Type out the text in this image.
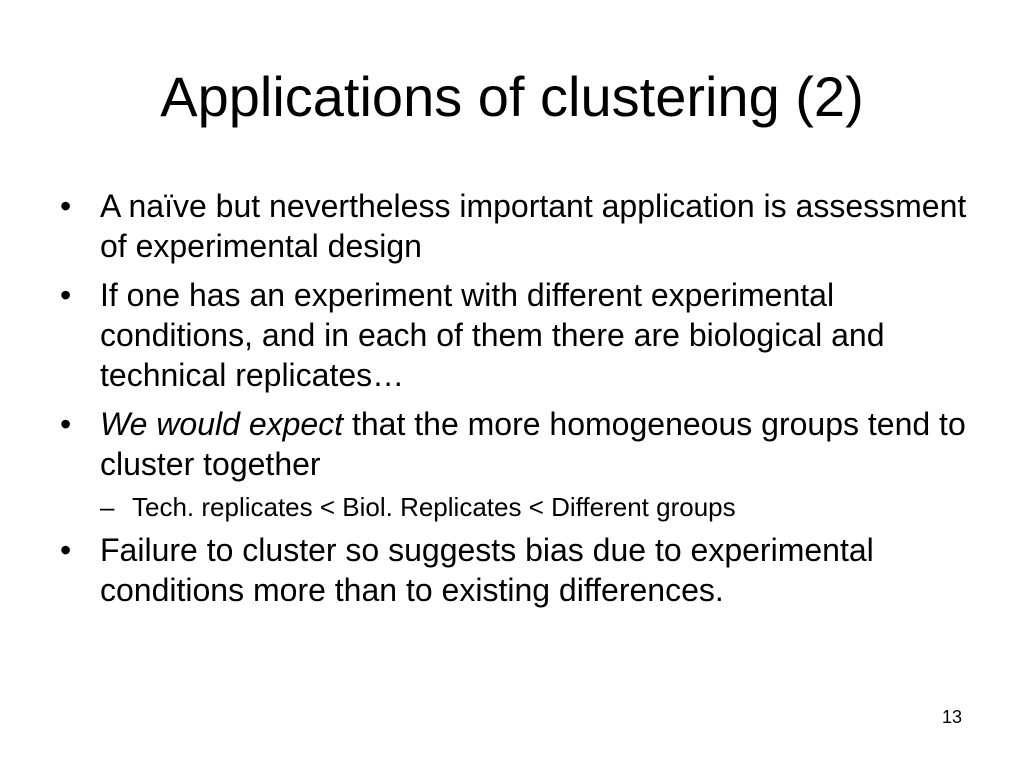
Applications of clustering (2)
• A naïve but nevertheless important application is assessment of experimental design
• If one has an experiment with different experimental conditions, and in each of them there are biological and technical replicates…
• We would expect that the more homogeneous groups tend to cluster together
– Tech. replicates < Biol. Replicates < Different groups
• Failure to cluster so suggests bias due to experimental conditions more than to existing differences.
13
